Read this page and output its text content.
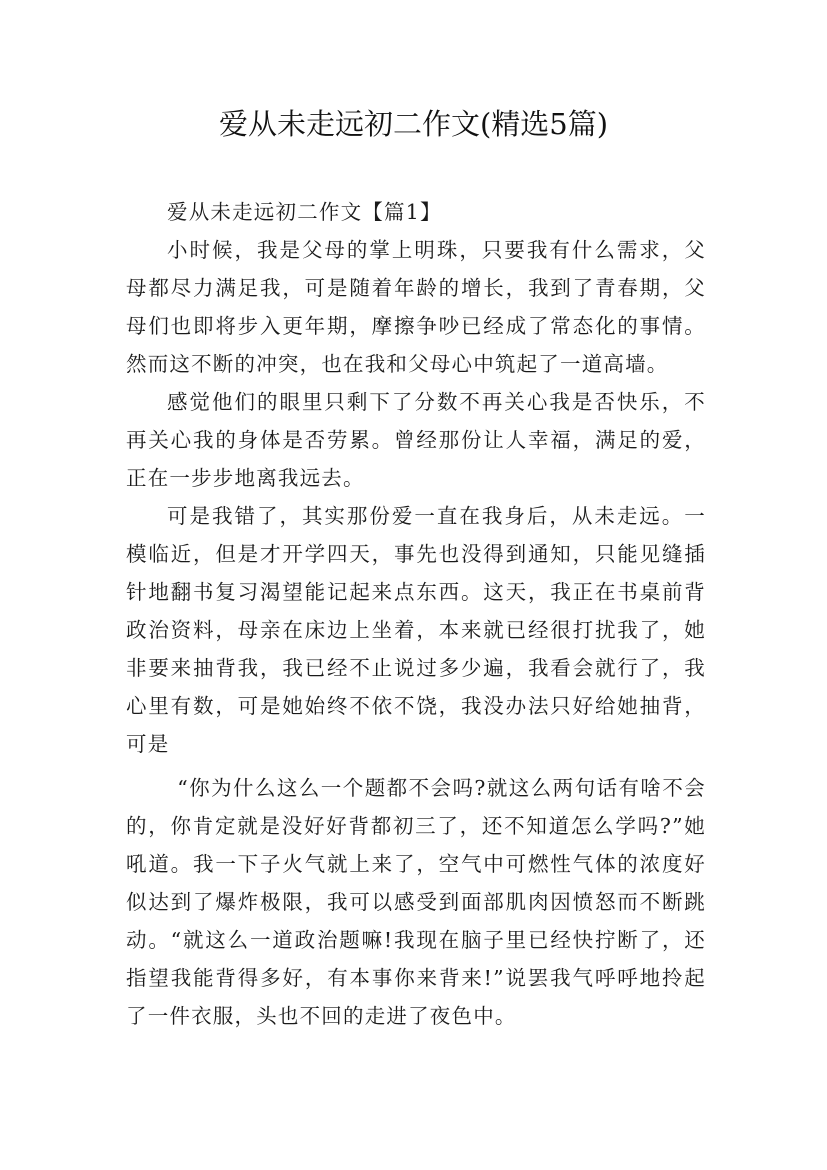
爱从未走远初二作文(精选5篇)

爱从未走远初二作文【篇1】

小时候，我是父母的掌上明珠，只要我有什么需求，父母都尽力满足我，可是随着年龄的增长，我到了青春期，父母们也即将步入更年期，摩擦争吵已经成了常态化的事情。然而这不断的冲突，也在我和父母心中筑起了一道高墙。

感觉他们的眼里只剩下了分数不再关心我是否快乐，不再关心我的身体是否劳累。曾经那份让人幸福，满足的爱，正在一步步地离我远去。

可是我错了，其实那份爱一直在我身后，从未走远。一模临近，但是才开学四天，事先也没得到通知，只能见缝插针地翻书复习渴望能记起来点东西。这天，我正在书桌前背政治资料，母亲在床边上坐着，本来就已经很打扰我了，她非要来抽背我，我已经不止说过多少遍，我看会就行了，我心里有数，可是她始终不依不饶，我没办法只好给她抽背，可是

“你为什么这么一个题都不会吗?就这么两句话有啥不会的，你肯定就是没好好背都初三了，还不知道怎么学吗?”她吼道。我一下子火气就上来了，空气中可燃性气体的浓度好似达到了爆炸极限，我可以感受到面部肌肉因愤怒而不断跳动。“就这么一道政治题嘛!我现在脑子里已经快拧断了，还指望我能背得多好，有本事你来背来!”说罢我气呼呼地拎起了一件衣服，头也不回的走进了夜色中。
